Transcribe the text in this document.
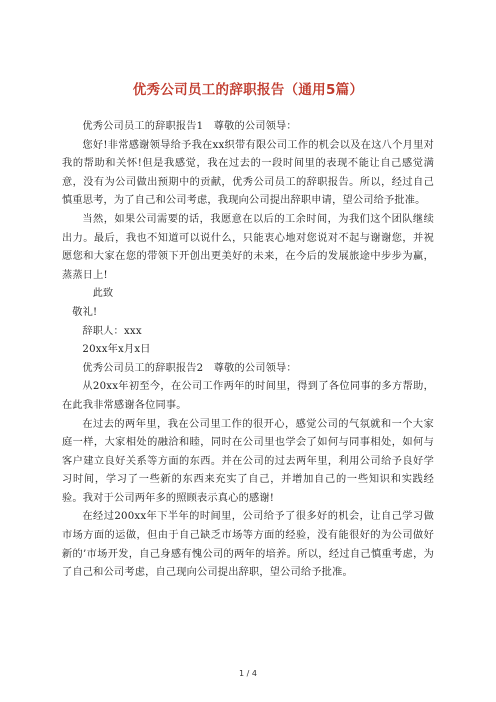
优秀公司员工的辞职报告（通用5篇）

优秀公司员工的辞职报告1　尊敬的公司领导：

您好!非常感谢领导给予我在xx织带有限公司工作的机会以及在这八个月里对我的帮助和关怀!但是我感觉，我在过去的一段时间里的表现不能让自己感觉满意，没有为公司做出预期中的贡献，优秀公司员工的辞职报告。所以，经过自己慎重思考，为了自己和公司考虑，我现向公司提出辞职申请，望公司给予批准。

当然，如果公司需要的话，我愿意在以后的工余时间，为我们这个团队继续出力。最后，我也不知道可以说什么，只能衷心地对您说对不起与谢谢您，并祝愿您和大家在您的带领下开创出更美好的未来，在今后的发展旅途中步步为赢，蒸蒸日上!

此致

敬礼!

辞职人：xxx

20xx年x月x日

优秀公司员工的辞职报告2　尊敬的公司领导：

从20xx年初至今，在公司工作两年的时间里，得到了各位同事的多方帮助，在此我非常感谢各位同事。

在过去的两年里，我在公司里工作的很开心，感觉公司的气氛就和一个大家庭一样，大家相处的融洽和睦，同时在公司里也学会了如何与同事相处，如何与客户建立良好关系等方面的东西。并在公司的过去两年里，利用公司给予良好学习时间，学习了一些新的东西来充实了自己，并增加自己的一些知识和实践经验。我对于公司两年多的照顾表示真心的感谢!

在经过200xx年下半年的时间里，公司给予了很多好的机会，让自己学习做市场方面的运做，但由于自己缺乏市场等方面的经验，没有能很好的为公司做好新的’市场开发，自己身感有愧公司的两年的培养。所以，经过自己慎重考虑，为了自己和公司考虑，自己现向公司提出辞职，望公司给予批准。

1 / 4
